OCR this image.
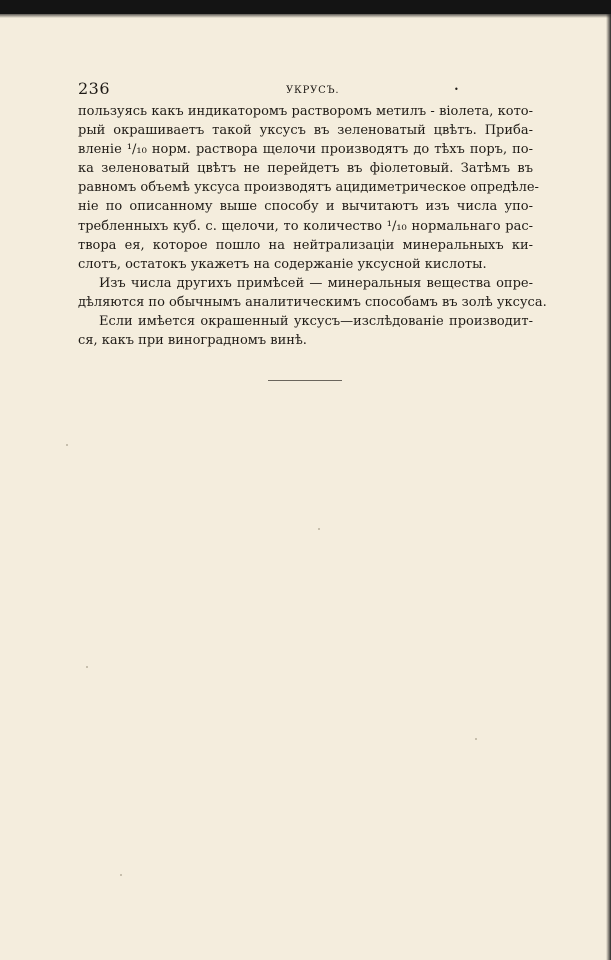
236	УКРУСЪ.	•
пользуясь какъ индикаторомъ растворомъ метилъ - віолета, кото-
рый окрашиваетъ такой уксусъ въ зеленоватый цвѣтъ. Приба-
вленіе ¹/₁₀ норм. раствора щелочи производятъ до тѣхъ поръ, по-
ка зеленоватый цвѣтъ не перейдетъ въ фіолетовый. Затѣмъ въ
равномъ объемѣ уксуса производятъ ацидиметрическое опредѣле-
ніе по описанному выше способу и вычитаютъ изъ числа упо-
требленныхъ куб. с. щелочи, то количество ¹/₁₀ нормальнаго рас-
твора ея, которое пошло на нейтрализаціи минеральныхъ ки-
слотъ, остатокъ укажетъ на содержаніе уксусной кислоты.
Изъ числа другихъ примѣсей — минеральныя вещества опре-
дѣляются по обычнымъ аналитическимъ способамъ въ золѣ уксуса.
Если имѣется окрашенный уксусъ—изслѣдованіе производит-
ся, какъ при виноградномъ винѣ.
